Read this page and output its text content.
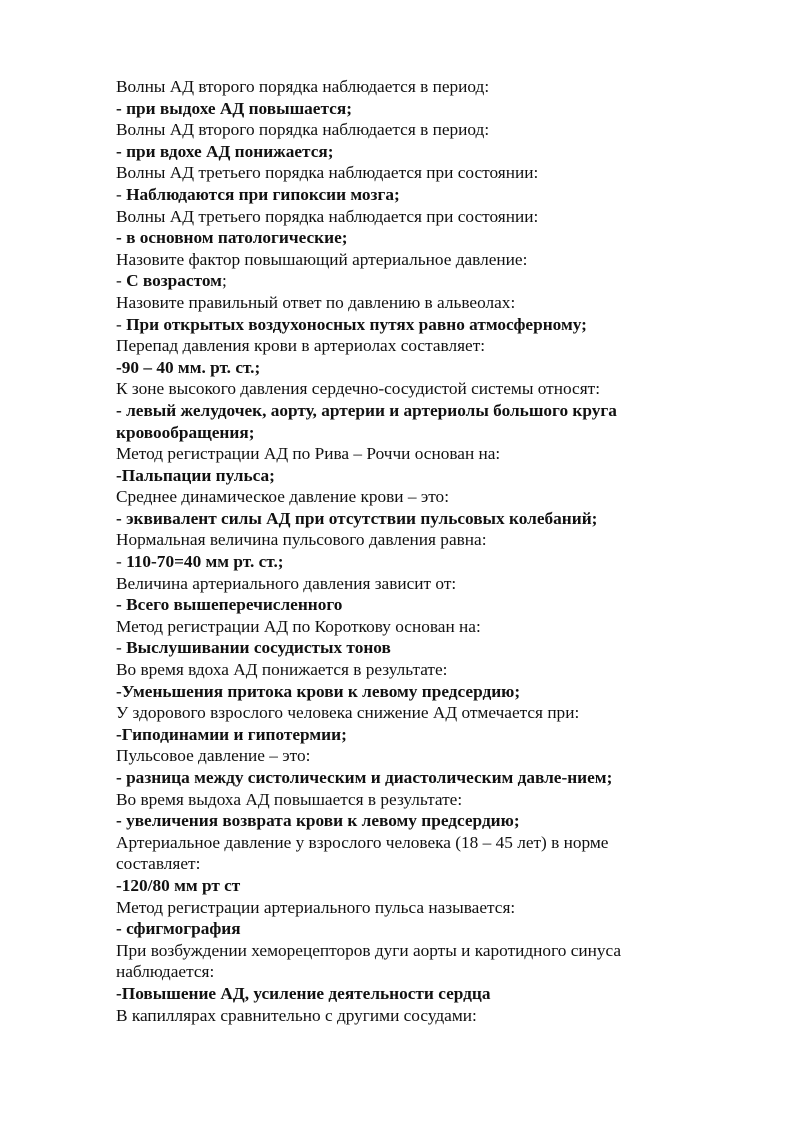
Волны АД второго порядка наблюдается в период:

- при выдохе АД повышается;

Волны АД второго порядка наблюдается в период:

- при вдохе АД понижается;

Волны АД третьего порядка наблюдается при состоянии:

- Наблюдаются при гипоксии мозга;

Волны АД третьего порядка наблюдается при состоянии:

- в основном патологические;

Назовите фактор повышающий артериальное давление:

- С возрастом;

Назовите правильный ответ по давлению в альвеолах:

- При открытых воздухоносных путях равно атмосферному;

Перепад давления крови в артериолах составляет:

-90 – 40 мм. рт. ст.;

К зоне высокого давления сердечно-сосудистой системы относят:

- левый желудочек, аорту, артерии и артериолы большого круга кровообращения;

Метод регистрации АД по Рива – Роччи основан на:

-Пальпации пульса;

Среднее динамическое давление крови – это:

- эквивалент силы АД при отсутствии пульсовых колебаний;

Нормальная величина пульсового давления равна:

- 110-70=40 мм рт. ст.;

Величина артериального давления зависит от:

- Всего вышеперечисленного

Метод регистрации АД по Короткову основан на:

- Выслушивании сосудистых тонов

Во время вдоха АД понижается в результате:

-Уменьшения притока крови к левому предсердию;

У здорового взрослого человека снижение АД отмечается при:

-Гиподинамии и гипотермии;

Пульсовое давление – это:

- разница между систолическим и диастолическим давле-нием;

Во время выдоха АД повышается в результате:

- увеличения возврата крови к левому предсердию;

Артериальное давление у взрослого человека (18 – 45 лет) в норме составляет:

-120/80 мм рт ст

Метод регистрации артериального пульса называется:

- сфигмография

При возбуждении хеморецепторов дуги аорты и каротидного синуса наблюдается:

-Повышение АД, усиление деятельности сердца

В капиллярах сравнительно с другими сосудами:
